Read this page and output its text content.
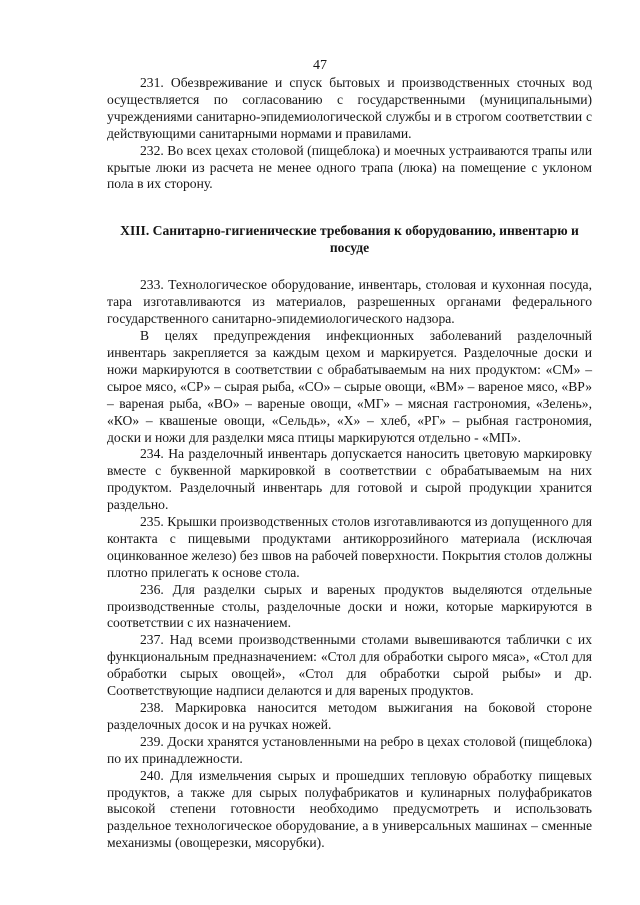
47

231. Обезвреживание и спуск бытовых и производственных сточных вод осуществляется по согласованию с государственными (муниципальными) учреждениями санитарно-эпидемиологической службы и в строгом соответствии с действующими санитарными нормами и правилами.

232. Во всех цехах столовой (пищеблока) и моечных устраиваются трапы или крытые люки из расчета не менее одного трапа (люка) на помещение с уклоном пола в их сторону.

XIII. Санитарно-гигиенические требования к оборудованию, инвентарю и посуде

233. Технологическое оборудование, инвентарь, столовая и кухонная посуда, тара изготавливаются из материалов, разрешенных органами федерального государственного санитарно-эпидемиологического надзора.

В целях предупреждения инфекционных заболеваний разделочный инвентарь закрепляется за каждым цехом и маркируется. Разделочные доски и ножи маркируются в соответствии с обрабатываемым на них продуктом: «СМ» – сырое мясо, «СР» – сырая рыба, «СО» – сырые овощи, «ВМ» – вареное мясо, «ВР» – вареная рыба, «ВО» – вареные овощи, «МГ» – мясная гастрономия, «Зелень», «КО» – квашеные овощи, «Сельдь», «Х» – хлеб, «РГ» – рыбная гастрономия, доски и ножи для разделки мяса птицы маркируются отдельно - «МП».

234. На разделочный инвентарь допускается наносить цветовую маркировку вместе с буквенной маркировкой в соответствии с обрабатываемым на них продуктом. Разделочный инвентарь для готовой и сырой продукции хранится раздельно.

235. Крышки производственных столов изготавливаются из допущенного для контакта с пищевыми продуктами антикоррозийного материала (исключая оцинкованное железо) без швов на рабочей поверхности. Покрытия столов должны плотно прилегать к основе стола.

236. Для разделки сырых и вареных продуктов выделяются отдельные производственные столы, разделочные доски и ножи, которые маркируются в соответствии с их назначением.

237. Над всеми производственными столами вывешиваются таблички с их функциональным предназначением: «Стол для обработки сырого мяса», «Стол для обработки сырых овощей», «Стол для обработки сырой рыбы» и др. Соответствующие надписи делаются и для вареных продуктов.

238. Маркировка наносится методом выжигания на боковой стороне разделочных досок и на ручках ножей.

239. Доски хранятся установленными на ребро в цехах столовой (пищеблока) по их принадлежности.

240. Для измельчения сырых и прошедших тепловую обработку пищевых продуктов, а также для сырых полуфабрикатов и кулинарных полуфабрикатов высокой степени готовности необходимо предусмотреть и использовать раздельное технологическое оборудование, а в универсальных машинах – сменные механизмы (овощерезки, мясорубки).
